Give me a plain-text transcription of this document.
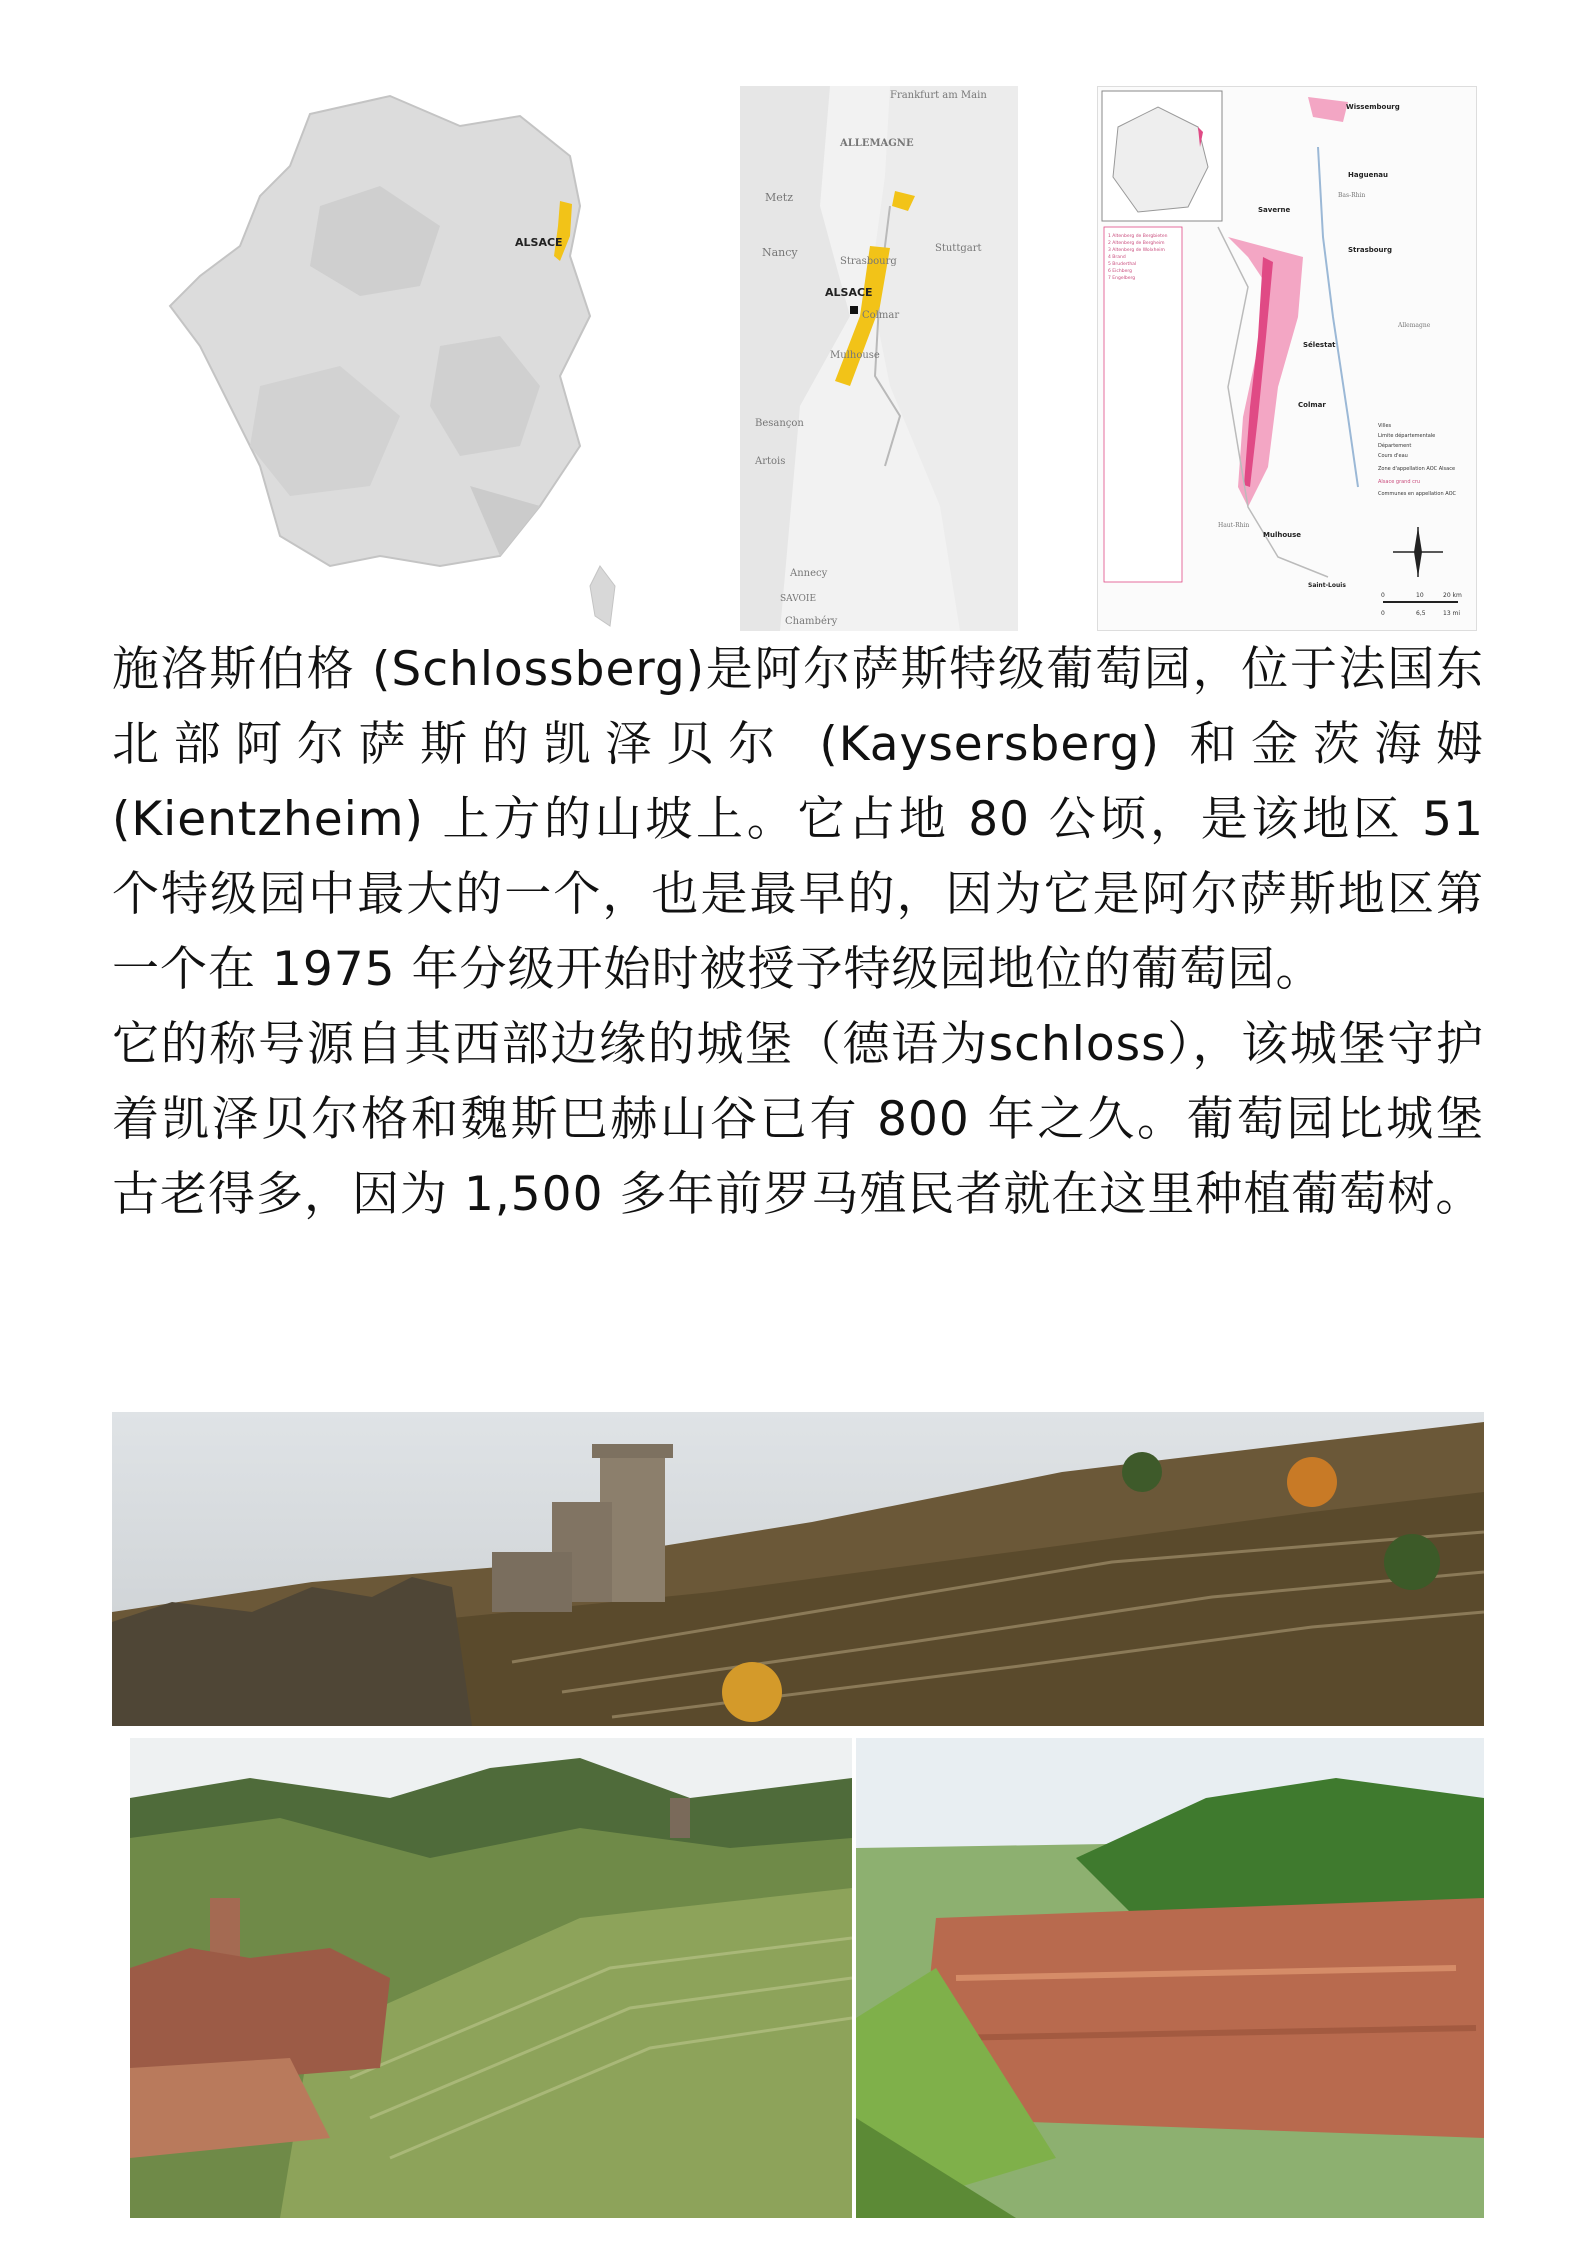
ALSACE
Frankfurt am Main
ALLEMAGNE
Metz
Nancy	Stuttgart
Strasbourg
ALSACE
Colmar
Mulhouse
Besançon
Artois
Annecy
SAVOIE
Chambéry
1 Altenberg de Bergbieten
2 Altenberg de Bergheim
3 Altenberg de Wolxheim
4 Brand
5 Bruderthal
6 Eichberg
7 Engelberg
Wissembourg
Haguenau
Bas-Rhin
Saverne
Strasbourg
Sélestat
Colmar
Haut-Rhin
Mulhouse
Saint-Louis
Allemagne
Villes
Limite départementale
Département
Cours d'eau
Zone d'appellation AOC Alsace
Alsace grand cru
Communes en appellation AOC
0	10	20 km
0	6,5	13 mi

施洛斯伯格 (Schlossberg)是阿尔萨斯特级葡萄园，位于法国东北部阿尔萨斯的凯泽贝尔 (Kaysersberg) 和金茨海姆 (Kientzheim) 上方的山坡上。它占地 80 公顷，是该地区 51 个特级园中最大的一个，也是最早的，因为它是阿尔萨斯地区第一个在 1975 年分级开始时被授予特级园地位的葡萄园。

它的称号源自其西部边缘的城堡（德语为schloss），该城堡守护着凯泽贝尔格和魏斯巴赫山谷已有 800 年之久。葡萄园比城堡古老得多，因为 1,500 多年前罗马殖民者就在这里种植葡萄树。
